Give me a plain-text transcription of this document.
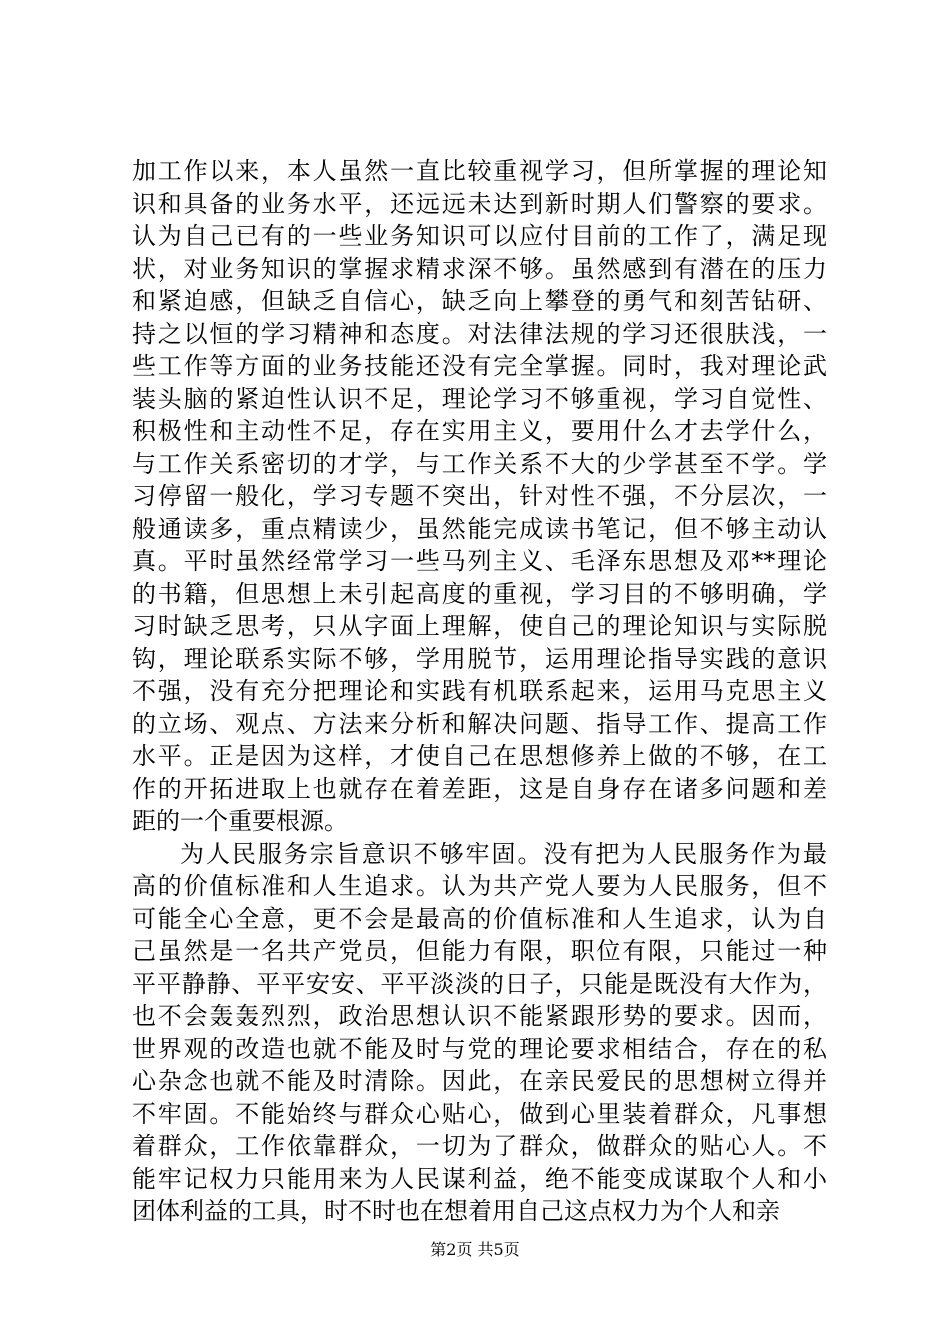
加工作以来，本人虽然一直比较重视学习，但所掌握的理论知
识和具备的业务水平，还远远未达到新时期人们警察的要求。
认为自己已有的一些业务知识可以应付目前的工作了，满足现
状，对业务知识的掌握求精求深不够。虽然感到有潜在的压力
和紧迫感，但缺乏自信心，缺乏向上攀登的勇气和刻苦钻研、
持之以恒的学习精神和态度。对法律法规的学习还很肤浅，一
些工作等方面的业务技能还没有完全掌握。同时，我对理论武
装头脑的紧迫性认识不足，理论学习不够重视，学习自觉性、
积极性和主动性不足，存在实用主义，要用什么才去学什么，
与工作关系密切的才学，与工作关系不大的少学甚至不学。学
习停留一般化，学习专题不突出，针对性不强，不分层次，一
般通读多，重点精读少，虽然能完成读书笔记，但不够主动认
真。平时虽然经常学习一些马列主义、毛泽东思想及邓**理论
的书籍，但思想上未引起高度的重视，学习目的不够明确，学
习时缺乏思考，只从字面上理解，使自己的理论知识与实际脱
钩，理论联系实际不够，学用脱节，运用理论指导实践的意识
不强，没有充分把理论和实践有机联系起来，运用马克思主义
的立场、观点、方法来分析和解决问题、指导工作、提高工作
水平。正是因为这样，才使自己在思想修养上做的不够，在工
作的开拓进取上也就存在着差距，这是自身存在诸多问题和差
距的一个重要根源。
为人民服务宗旨意识不够牢固。没有把为人民服务作为最
高的价值标准和人生追求。认为共产党人要为人民服务，但不
可能全心全意，更不会是最高的价值标准和人生追求，认为自
己虽然是一名共产党员，但能力有限，职位有限，只能过一种
平平静静、平平安安、平平淡淡的日子，只能是既没有大作为，
也不会轰轰烈烈，政治思想认识不能紧跟形势的要求。因而，
世界观的改造也就不能及时与党的理论要求相结合，存在的私
心杂念也就不能及时清除。因此，在亲民爱民的思想树立得并
不牢固。不能始终与群众心贴心，做到心里装着群众，凡事想
着群众，工作依靠群众，一切为了群众，做群众的贴心人。不
能牢记权力只能用来为人民谋利益，绝不能变成谋取个人和小
团体利益的工具，时不时也在想着用自己这点权力为个人和亲
第2页 共5页
